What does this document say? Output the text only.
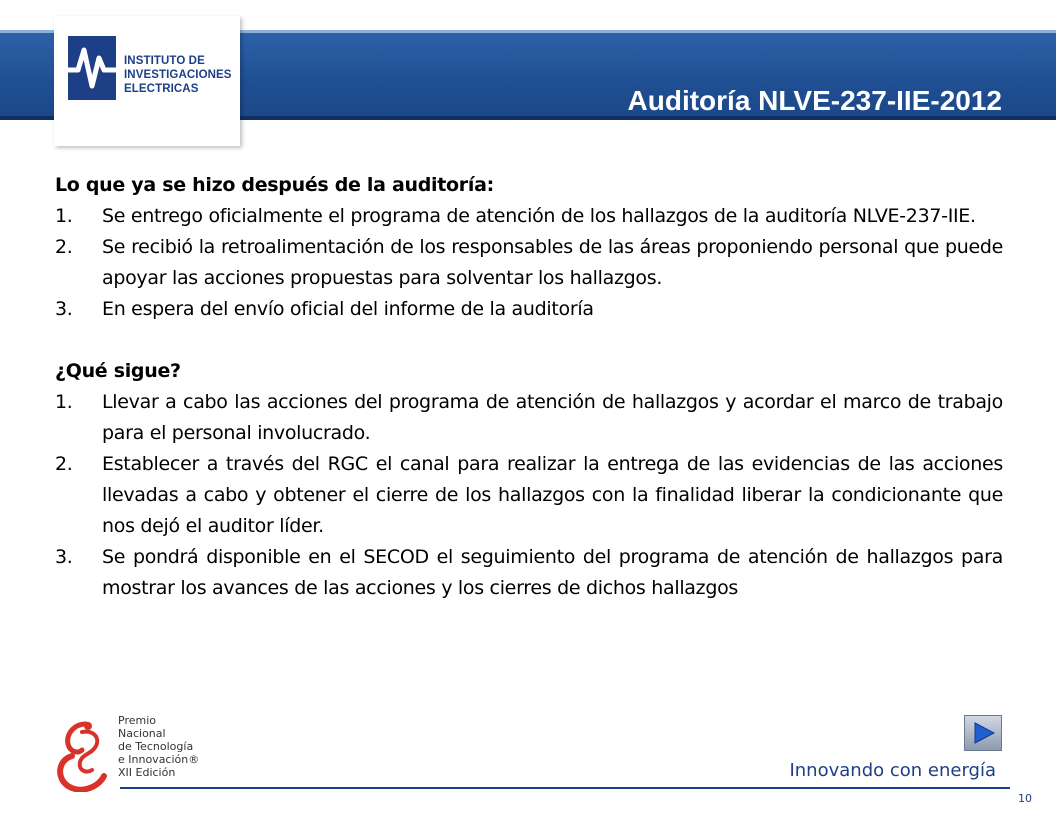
Auditoría NLVE-237-IIE-2012
INSTITUTO DE
INVESTIGACIONES
ELECTRICAS
Lo que ya se hizo después de la auditoría:
1. Se entrego oficialmente el programa de atención de los hallazgos de la auditoría NLVE-237-IIE.
2. Se recibió la retroalimentación de los responsables de las áreas proponiendo personal que puede apoyar las acciones propuestas para solventar los hallazgos.
3. En espera del envío oficial del informe de la auditoría
¿Qué sigue?
1. Llevar a cabo las acciones del programa de atención de hallazgos y acordar el marco de trabajo para el personal involucrado.
2. Establecer a través del RGC el canal para realizar la entrega de las evidencias de las acciones llevadas a cabo y obtener el cierre de los hallazgos con la finalidad liberar la condicionante que nos dejó el auditor líder.
3. Se pondrá disponible en el SECOD el seguimiento del programa de atención de hallazgos para mostrar los avances de las acciones y los cierres de dichos hallazgos
Premio
Nacional
de Tecnología
e Innovación®
XII Edición	Innovando con energía
10
